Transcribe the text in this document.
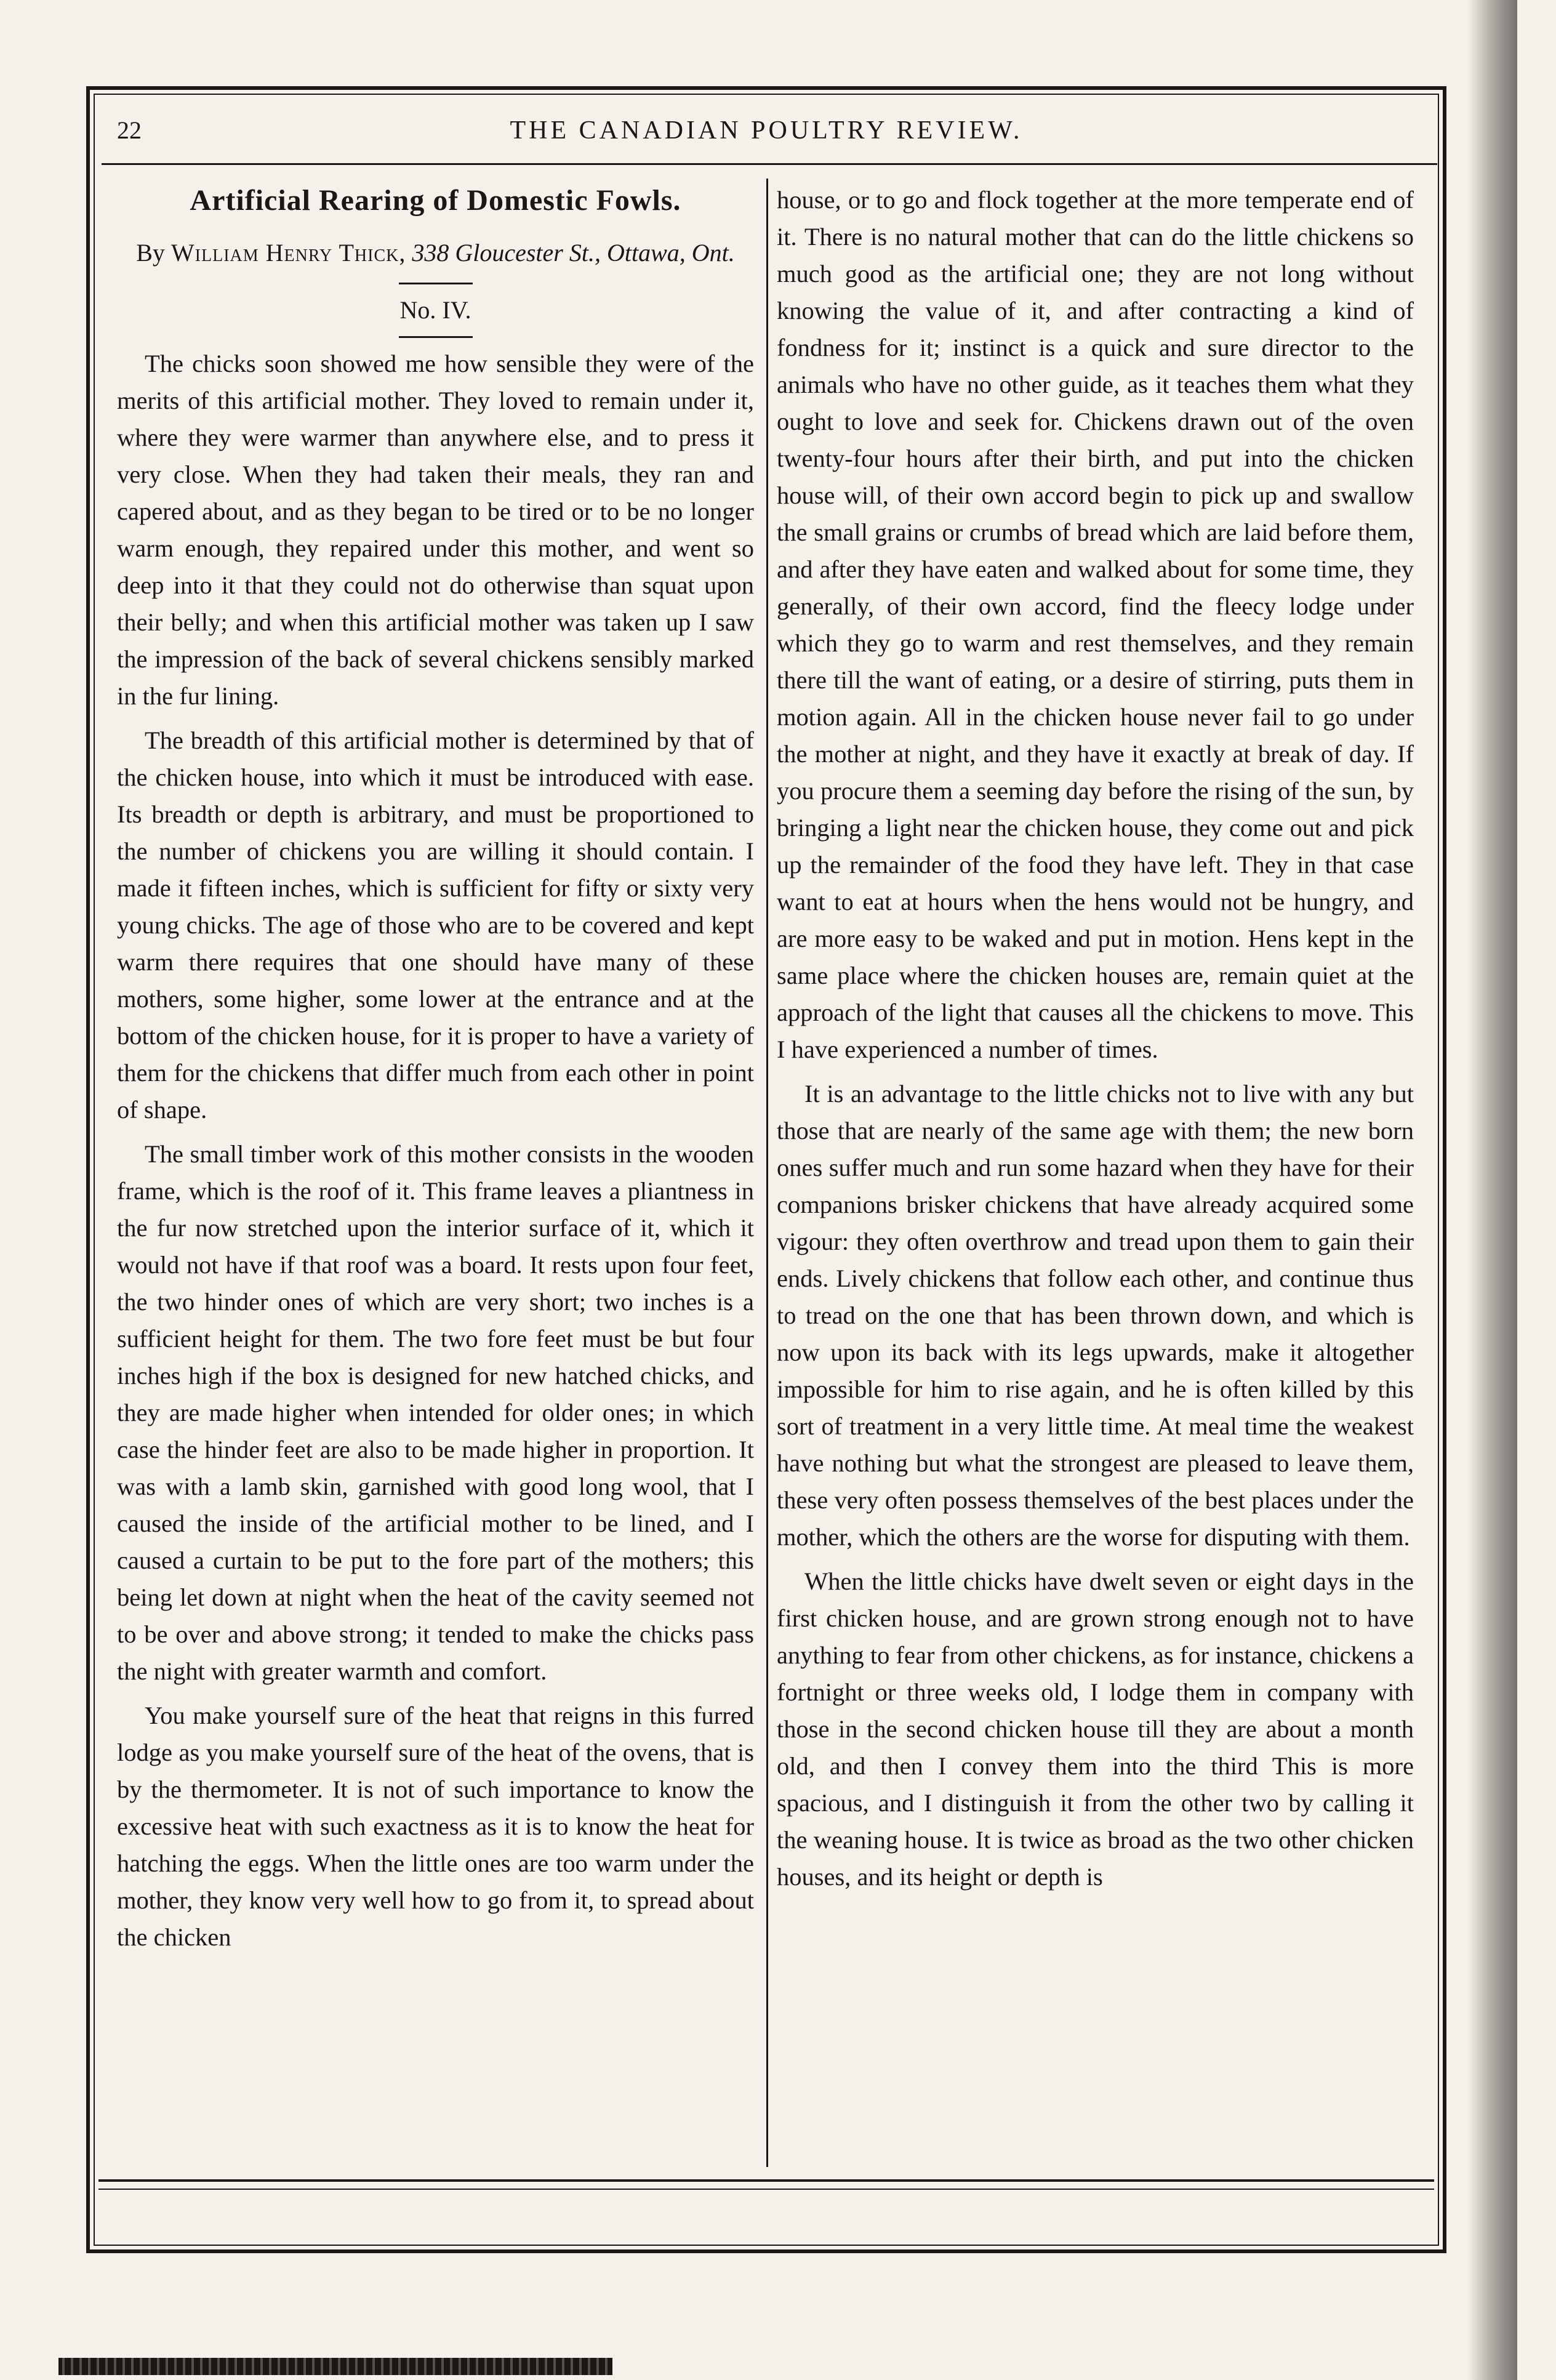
22	THE CANADIAN POULTRY REVIEW.
Artificial Rearing of Domestic Fowls.
By William Henry Thick, 338 Gloucester St., Ottawa, Ont.
No. IV.

The chicks soon showed me how sensible they were of the merits of this artificial mother. They loved to remain under it, where they were warmer than anywhere else, and to press it very close. When they had taken their meals, they ran and capered about, and as they began to be tired or to be no longer warm enough, they repaired under this mother, and went so deep into it that they could not do otherwise than squat upon their belly; and when this artificial mother was taken up I saw the impression of the back of several chickens sensibly marked in the fur lining.

The breadth of this artificial mother is determined by that of the chicken house, into which it must be introduced with ease. Its breadth or depth is arbitrary, and must be proportioned to the number of chickens you are willing it should contain. I made it fifteen inches, which is sufficient for fifty or sixty very young chicks. The age of those who are to be covered and kept warm there requires that one should have many of these mothers, some higher, some lower at the entrance and at the bottom of the chicken house, for it is proper to have a variety of them for the chickens that differ much from each other in point of shape.

The small timber work of this mother consists in the wooden frame, which is the roof of it. This frame leaves a pliantness in the fur now stretched upon the interior surface of it, which it would not have if that roof was a board. It rests upon four feet, the two hinder ones of which are very short; two inches is a sufficient height for them. The two fore feet must be but four inches high if the box is designed for new hatched chicks, and they are made higher when intended for older ones; in which case the hinder feet are also to be made higher in proportion. It was with a lamb skin, garnished with good long wool, that I caused the inside of the artificial mother to be lined, and I caused a curtain to be put to the fore part of the mothers; this being let down at night when the heat of the cavity seemed not to be over and above strong; it tended to make the chicks pass the night with greater warmth and comfort.

You make yourself sure of the heat that reigns in this furred lodge as you make yourself sure of the heat of the ovens, that is by the thermometer. It is not of such importance to know the excessive heat with such exactness as it is to know the heat for hatching the eggs. When the little ones are too warm under the mother, they know very well how to go from it, to spread about the chicken

house, or to go and flock together at the more temperate end of it. There is no natural mother that can do the little chickens so much good as the artificial one; they are not long without knowing the value of it, and after contracting a kind of fondness for it; instinct is a quick and sure director to the animals who have no other guide, as it teaches them what they ought to love and seek for. Chickens drawn out of the oven twenty-four hours after their birth, and put into the chicken house will, of their own accord begin to pick up and swallow the small grains or crumbs of bread which are laid before them, and after they have eaten and walked about for some time, they generally, of their own accord, find the fleecy lodge under which they go to warm and rest themselves, and they remain there till the want of eating, or a desire of stirring, puts them in motion again. All in the chicken house never fail to go under the mother at night, and they have it exactly at break of day. If you procure them a seeming day before the rising of the sun, by bringing a light near the chicken house, they come out and pick up the remainder of the food they have left. They in that case want to eat at hours when the hens would not be hungry, and are more easy to be waked and put in motion. Hens kept in the same place where the chicken houses are, remain quiet at the approach of the light that causes all the chickens to move. This I have experienced a number of times.

It is an advantage to the little chicks not to live with any but those that are nearly of the same age with them; the new born ones suffer much and run some hazard when they have for their companions brisker chickens that have already acquired some vigour: they often overthrow and tread upon them to gain their ends. Lively chickens that follow each other, and continue thus to tread on the one that has been thrown down, and which is now upon its back with its legs upwards, make it altogether impossible for him to rise again, and he is often killed by this sort of treatment in a very little time. At meal time the weakest have nothing but what the strongest are pleased to leave them, these very often possess themselves of the best places under the mother, which the others are the worse for disputing with them.

When the little chicks have dwelt seven or eight days in the first chicken house, and are grown strong enough not to have anything to fear from other chickens, as for instance, chickens a fortnight or three weeks old, I lodge them in company with those in the second chicken house till they are about a month old, and then I convey them into the third This is more spacious, and I distinguish it from the other two by calling it the weaning house. It is twice as broad as the two other chicken houses, and its height or depth is
